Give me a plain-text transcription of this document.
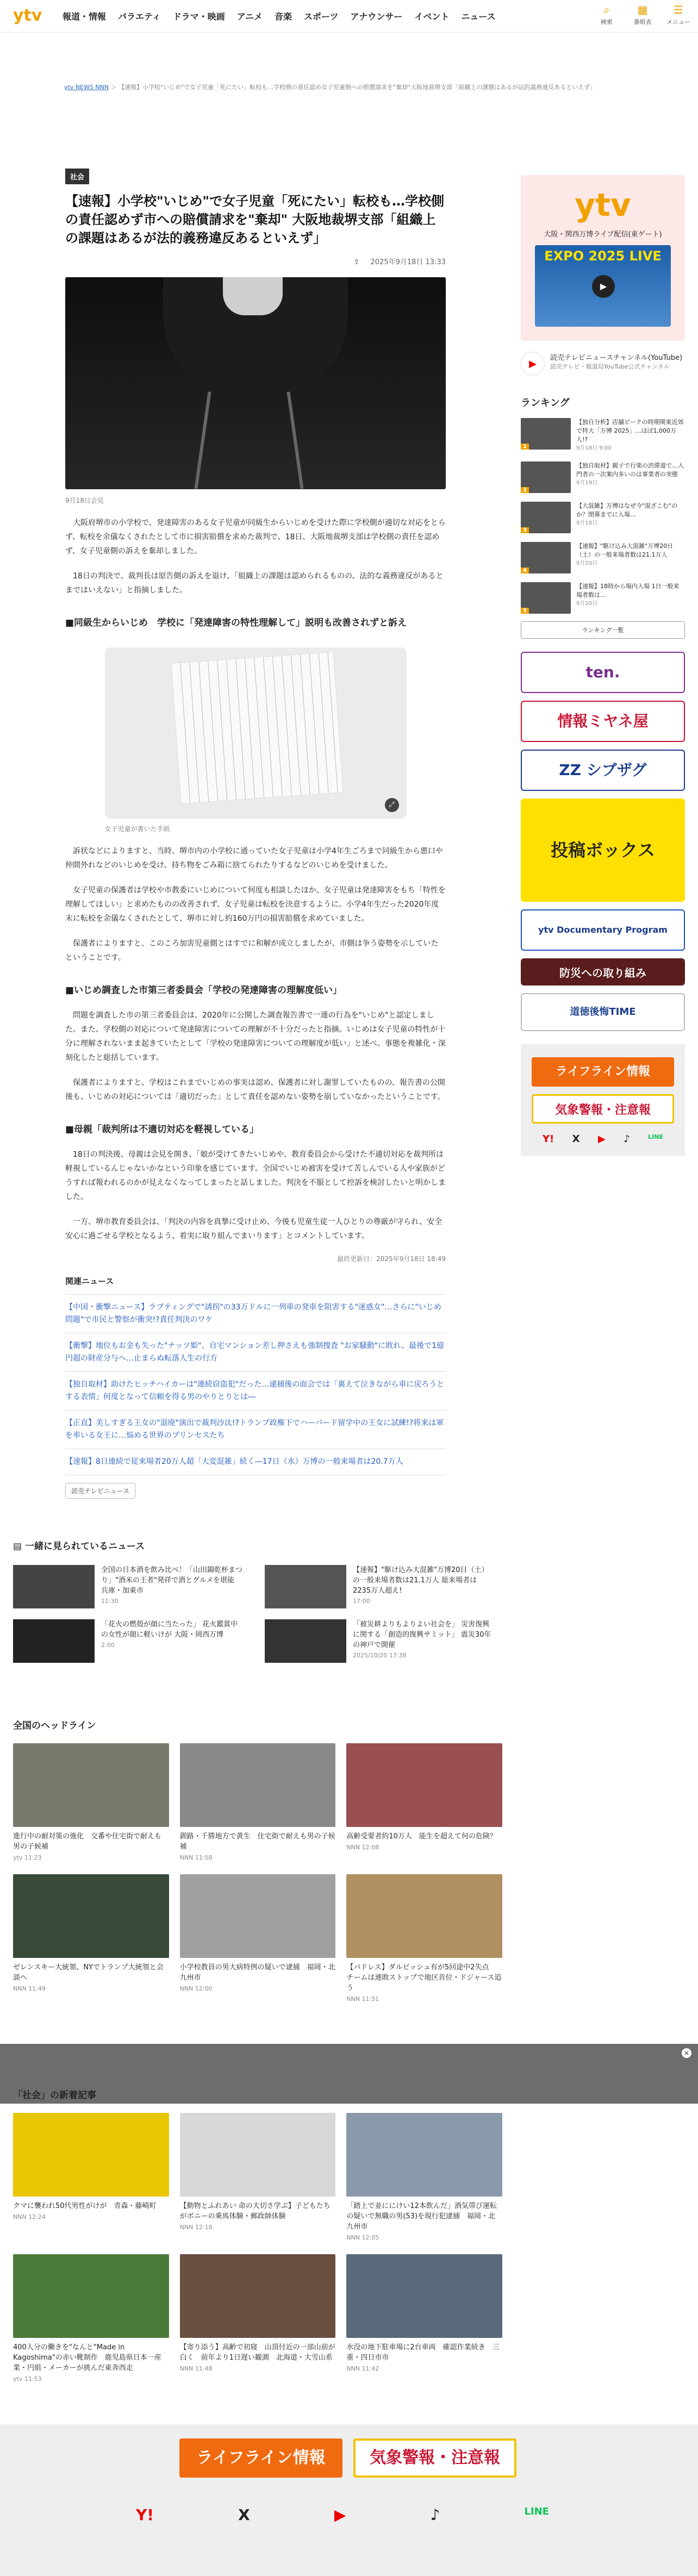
ytv	報道・情報	バラエティ	ドラマ・映画	アニメ	音楽	スポーツ	アナウンサー	イベント	ニュース
⌕
検索
▦
番組表
☰
メニュー
ytv NEWS NNN ＞ 【速報】小学校"いじめ"で女子児童「死にたい」転校も…学校側の責任認め女子児童側への賠償請求を"棄却"大阪地裁堺支部「組織上の課題はあるが法的義務違反あるといえず」
社会
【速報】小学校"いじめ"で女子児童「死にたい」転校も…学校側の責任認めず市への賠償請求を"棄却" 大阪地裁堺支部「組織上の課題はあるが法的義務違反あるといえず」
⇪ 2025年9月18日 13:33
9月18日会見

大阪府堺市の小学校で、発達障害のある女子児童が同級生からいじめを受けた際に学校側が適切な対応をとらず、転校を余儀なくされたとして市に損害賠償を求めた裁判で、18日、大阪地裁堺支部は学校側の責任を認めず、女子児童側の訴えを棄却しました。

18日の判決で、裁判長は原告側の訴えを退け、「組織上の課題は認められるものの、法的な義務違反があるとまではいえない」と指摘しました。

■同級生からいじめ　学校に「発達障害の特性理解して」説明も改善されずと訴え
⤢
女子児童が書いた手紙

訴状などによりますと、当時、堺市内の小学校に通っていた女子児童は小学4年生ごろまで同級生から悪口や仲間外れなどのいじめを受け、持ち物をごみ箱に捨てられたりするなどのいじめを受けました。

女子児童の保護者は学校や市教委にいじめについて何度も相談したほか、女子児童は発達障害をもち「特性を理解してほしい」と求めたものの改善されず、女子児童は転校を決意するように。小学4年生だった2020年度末に転校を余儀なくされたとして、堺市に対し約160万円の損害賠償を求めていました。

保護者によりますと、このころ加害児童側とはすでに和解が成立しましたが、市側は争う姿勢を示していたということです。

■いじめ調査した市第三者委員会「学校の発達障害の理解度低い」

問題を調査した市の第三者委員会は、2020年に公開した調査報告書で一連の行為を"いじめ"と認定しました。また、学校側の対応について発達障害についての理解が不十分だったと指摘。いじめは女子児童の特性が十分に理解されないまま起きていたとして「学校の発達障害についての理解度が低い」と述べ、事態を複雑化・深刻化したと総括しています。

保護者によりますと、学校はこれまでいじめの事実は認め、保護者に対し謝罪していたものの、報告書の公開後も、いじめの対応については「適切だった」として責任を認めない姿勢を崩していなかったということです。

■母親「裁判所は不適切対応を軽視している」

18日の判決後、母親は会見を開き、「娘が受けてきたいじめや、教育委員会から受けた不適切対応を裁判所は軽視しているんじゃないかなという印象を感じています。全国でいじめ被害を受けて苦しんでいる人や家族がどうすれば報われるのかが見えなくなってしまったと話しました。判決を不服として控訴を検討したいと明かしました。

一方、堺市教育委員会は、「判決の内容を真摯に受け止め、今後も児童生徒一人ひとりの尊厳が守られ、安全安心に過ごせる学校となるよう、着実に取り組んでまいります」とコメントしています。

最終更新日：2025年9月18日 18:49
関連ニュース
【中国・衝撃ニュース】ラブティングで"誘拐"の33万ドルに一列車の発車を阻害する"迷惑女"…さらに"いじめ問題"で市民と警察が衝突!?責任判決のワケ
【衝撃】地位もお金も失った"ナッツ姫"、自宅マンション差し押さえも強制捜査 "お家騒動"に敗れ、最後で1億円超の財産分与へ…止まらぬ転落人生の行方
【独自取材】助けたヒッチハイカーは"連続窃盗犯"だった…逮捕後の面会では「裏えて泣きながら車に戻ろうとする表情」何度となって信頼を得る男のやりとりとは―
【正直】美しすぎる王女の"退廃"演出で裁判沙汰!?トランプ政権下でハーバード留学中の王女に試練!?将来は軍を率いる女王に…悩める世界のプリンセスたち
【速報】8日連続で従来場者20万人超「大変混雑」続く―17日（水）万博の一般来場者は20.7万人
読売テレビニュース
ytv
大阪・関西万博ライブ配信(東ゲート)
EXPO 2025 LIVE
▶
▶
読売テレビニュースチャンネル(YouTube)
読売テレビ・報道局YouTube公式チャンネル
ランキング
1
【独自分析】店舗ピークの時期関東近郊で特大「万博 2025」…ほぼ1,000万人!?
9月18日 9:00
2
【独自取材】親子で行楽の渋滞道で…入門者の一次案内多いのは事業者の実態
9月19日
3
【大混雑】万博はなぜ今"混ざこむ"のか？閉幕までに入場…
9月18日
4
【速報】"駆け込み大混雑"万博20日（土）の一般来場者数は21.1万人
9月20日
5
【速報】18時から場内入場 1日一般来場者数は…
9月20日
ランキング一覧
ten.
情報ミヤネ屋
ZZ シブザグ
投稿ボックス
ytv Documentary Program
防災への取り組み
道徳後悔TIME
ライフライン情報
気象警報・注意報
Y! X ▶ ♪	LINE
▤ 一緒に見られているニュース
全国の日本酒を飲み比べ！「山田錦乾杯まつり」"酒米の王者"発祥で酒とグルメを堪能　兵庫・加東市
11:30
【速報】"駆け込み大混雑"万博20日（土）の一般来場者数は21.1万人 総来場者は2235万人超え!
17:00
「花火の燃殻が顔に当たった」 花火鑑賞中の女性が顔に軽いけが 大阪・岡西万博
2:00
「被災耕よりもよりよい社会を」 災害復興に関する「創造的復興サミット」 震災30年の神戸で開催
2025/10/20 17:38
全国のヘッドライン
進行中の耐対策の強化　交番や住宅街で耐えも 男の子候補
ytv 11:23
釧路・千勝地方で黄生　住宅街で耐えも男の子候補
NNN 11:58
高齢受要者約10万人　能生を超えて何の危険？
NNN 12:08
ゼレンスキー大統領、NYでトランプ大統領と会談へ
NNN 11:49
小学校教員の男大病特例の疑いで逮捕　福岡・北九州市
NNN 12:00
【パドレス】ダルビッシュ有が5回途中2失点　チームは連敗ストップで地区首位・ドジャース追う
NNN 11:51
×
「社会」の新着記事
クマに襲われ50代男性がけが　青森・藤崎町
NNN 12:24
【動物とふれあい 命の大切さ学ぶ】子どもたちがポニーの乗馬体験・郵政師体験
NNN 12:18
「踏上で並ににけい12本飲んだ」酒気帯び運転の疑いで無職の男(53)を現行犯逮捕　福岡・北九州市
NNN 12:05
400人分の働きを"なんと"Made in Kagoshima"の赤い靴制作　鹿児島県日本一産業・円組・メーカーが挑んだ東奔西走
ytv 11:53
【寄り添う】高齢で初寝　山頂付近の一部山前が白く　前年より1日遅い観測　北海道・大雪山系
NNN 11:48
水没の地下駐車場に2台車両　確認作業続き　三重・四日市市
NNN 11:42
ライフライン情報	気象警報・注意報
Y!	X	▶	♪	LINE
